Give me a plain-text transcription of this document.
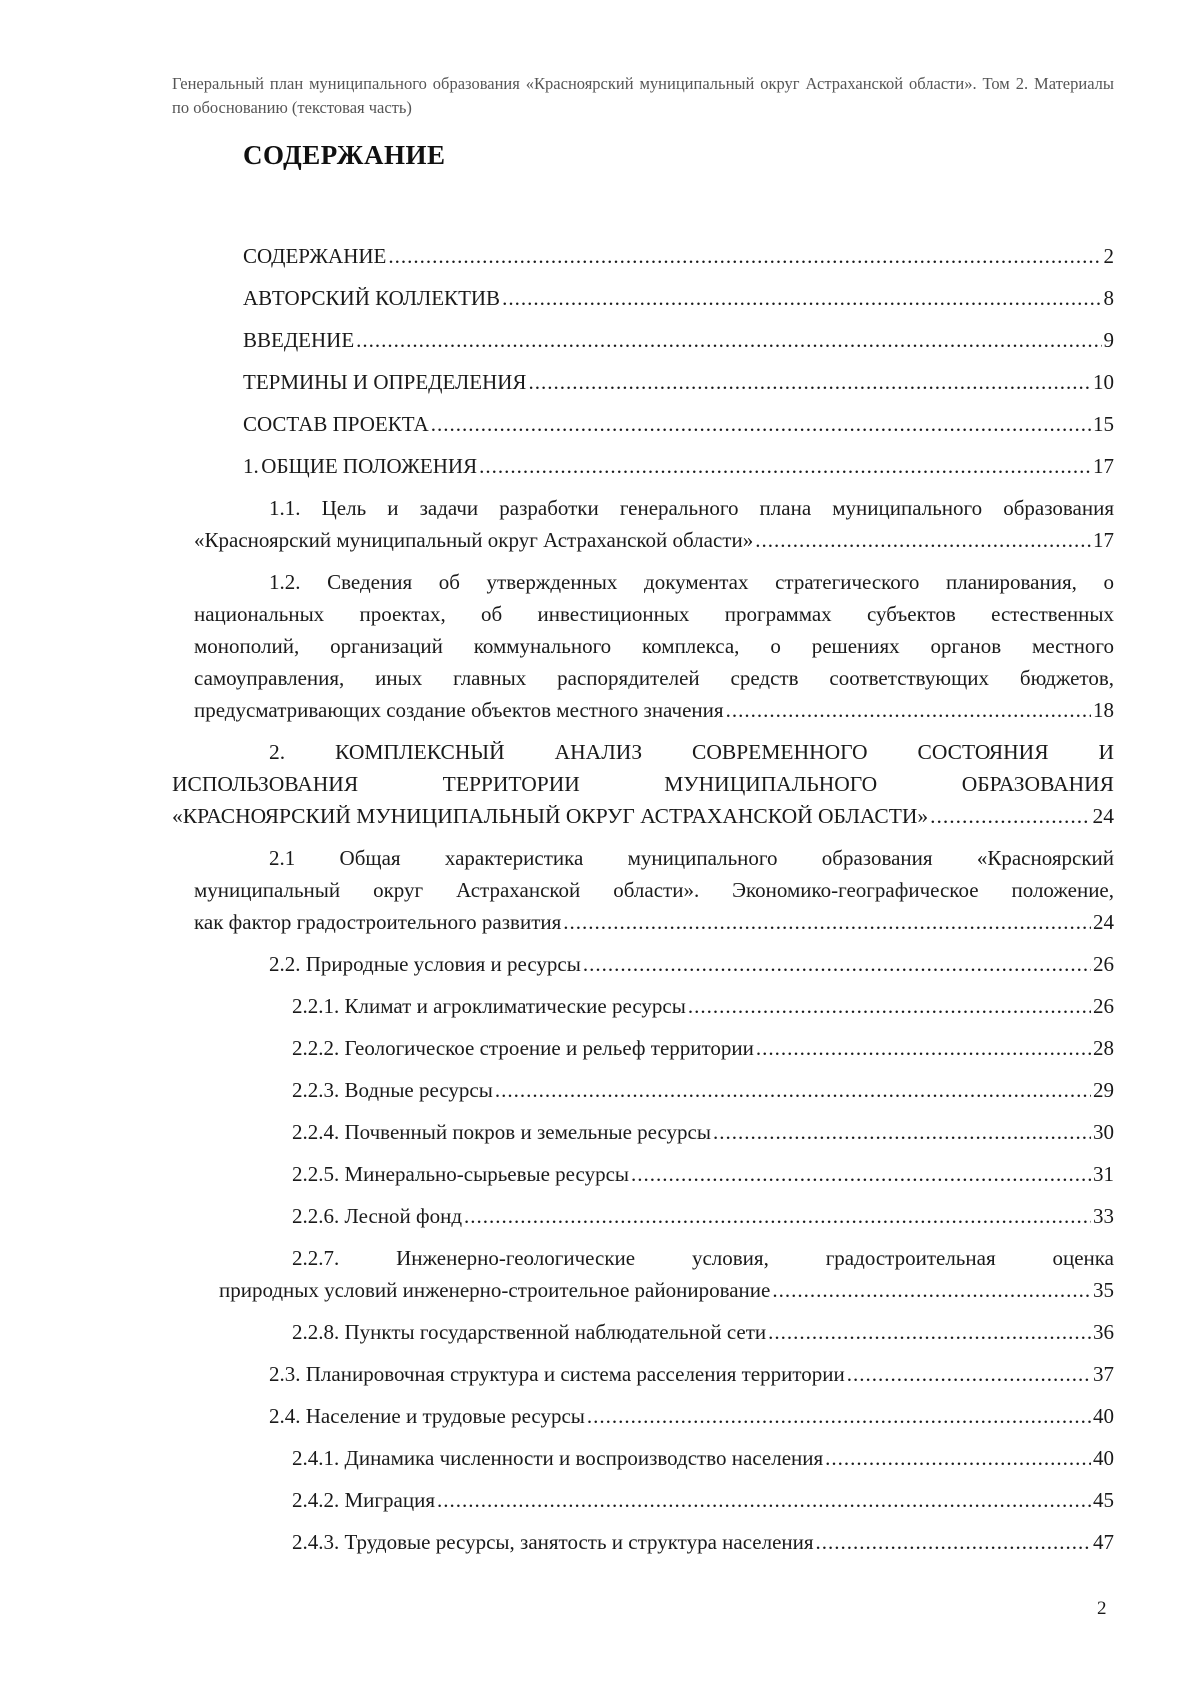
Генеральный план муниципального образования «Красноярский муниципальный округ Астраханской области». Том 2. Материалы по обоснованию (текстовая часть)
СОДЕРЖАНИЕ
СОДЕРЖАНИЕ .....	2
АВТОРСКИЙ КОЛЛЕКТИВ .....	8
ВВЕДЕНИЕ .....	9
ТЕРМИНЫ И ОПРЕДЕЛЕНИЯ .....	10
СОСТАВ ПРОЕКТА .....	15
1. ОБЩИЕ ПОЛОЖЕНИЯ .....	17
1.1. Цель и задачи разработки генерального плана муниципального образования
«Красноярский муниципальный округ Астраханской области» .....	17
1.2. Сведения об утвержденных документах стратегического планирования, о
национальных проектах, об инвестиционных программах субъектов естественных
монополий, организаций коммунального комплекса, о решениях органов местного
самоуправления, иных главных распорядителей средств соответствующих бюджетов,
предусматривающих создание объектов местного значения .....	18
2. КОМПЛЕКСНЫЙ АНАЛИЗ СОВРЕМЕННОГО СОСТОЯНИЯ И
ИСПОЛЬЗОВАНИЯ ТЕРРИТОРИИ МУНИЦИПАЛЬНОГО ОБРАЗОВАНИЯ
«КРАСНОЯРСКИЙ МУНИЦИПАЛЬНЫЙ ОКРУГ АСТРАХАНСКОЙ ОБЛАСТИ» .....	24
2.1 Общая характеристика муниципального образования «Красноярский
муниципальный округ Астраханской области». Экономико-географическое положение,
как фактор градостроительного развития .....	24
2.2. Природные условия и ресурсы .....	26
2.2.1. Климат и агроклиматические ресурсы .....	26
2.2.2. Геологическое строение и рельеф территории .....	28
2.2.3. Водные ресурсы .....	29
2.2.4. Почвенный покров и земельные ресурсы .....	30
2.2.5. Минерально-сырьевые ресурсы .....	31
2.2.6. Лесной фонд .....	33
2.2.7. Инженерно-геологические условия, градостроительная оценка
природных условий инженерно-строительное районирование .....	35
2.2.8. Пункты государственной наблюдательной сети .....	36
2.3. Планировочная структура и система расселения территории .....	37
2.4. Население и трудовые ресурсы .....	40
2.4.1. Динамика численности и воспроизводство населения .....	40
2.4.2. Миграция .....	45
2.4.3. Трудовые ресурсы, занятость и структура населения .....	47
2
